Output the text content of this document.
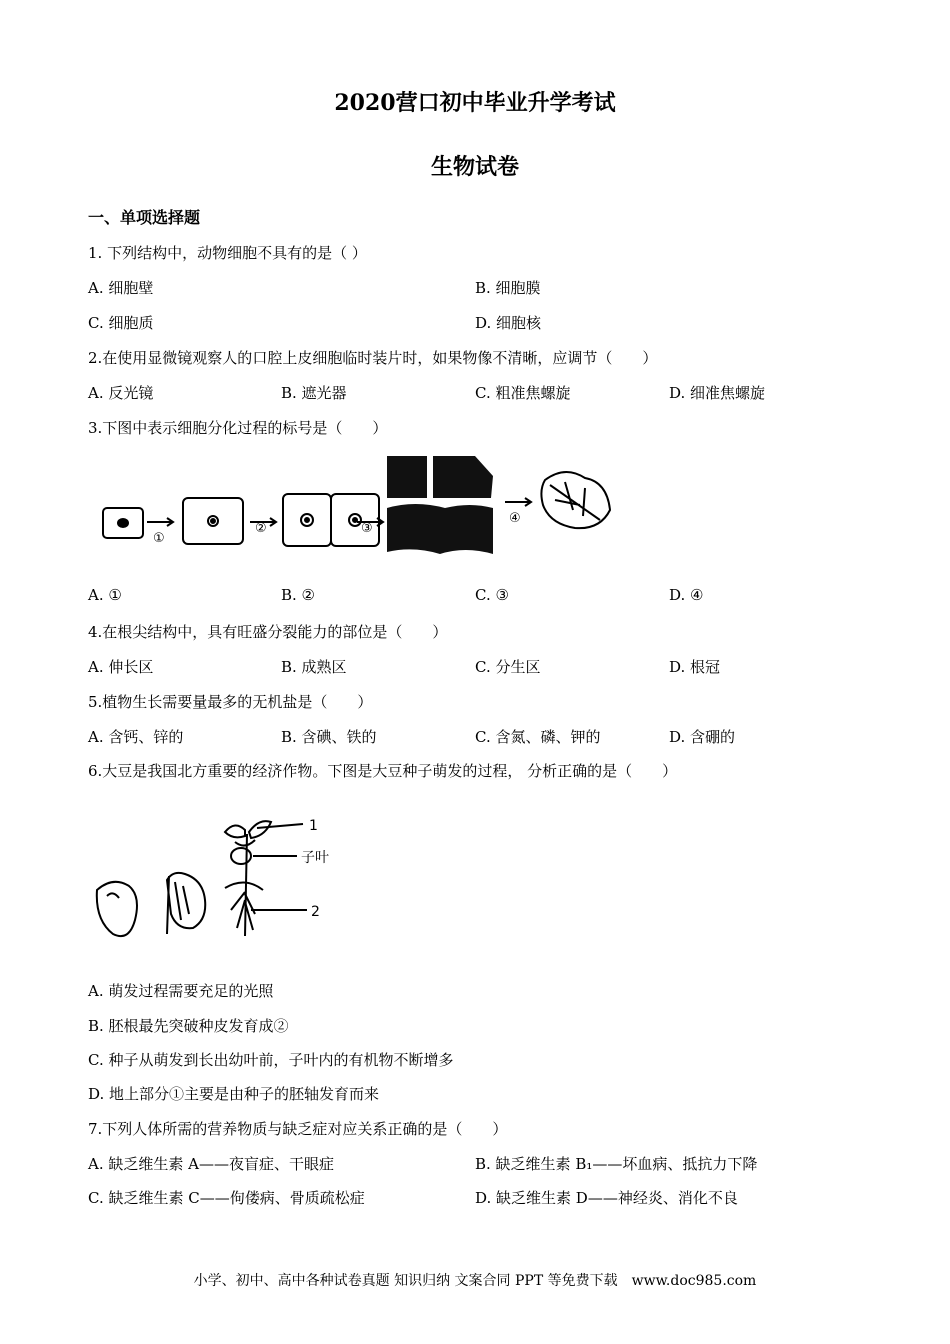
2020营口初中毕业升学考试
生物试卷
一、单项选择题
1. 下列结构中，动物细胞不具有的是（ ）
A. 细胞壁	B. 细胞膜
C. 细胞质	D. 细胞核
2.在使用显微镜观察人的口腔上皮细胞临时装片时，如果物像不清晰，应调节（　　）
A. 反光镜	B. 遮光器	C. 粗准焦螺旋	D. 细准焦螺旋
3.下图中表示细胞分化过程的标号是（　　）
①
②	③
④
A. ①	B. ②	C. ③	D. ④
4.在根尖结构中，具有旺盛分裂能力的部位是（　　）
A. 伸长区	B. 成熟区	C. 分生区	D. 根冠
5.植物生长需要量最多的无机盐是（　　）
A. 含钙、锌的	B. 含碘、铁的	C. 含氮、磷、钾的	D. 含硼的
6.大豆是我国北方重要的经济作物。下图是大豆种子萌发的过程， 分析正确的是（　　）
1
子叶
2
A. 萌发过程需要充足的光照
B. 胚根最先突破种皮发育成②
C. 种子从萌发到长出幼叶前，子叶内的有机物不断增多
D. 地上部分①主要是由种子的胚轴发育而来
7.下列人体所需的营养物质与缺乏症对应关系正确的是（　　）
A. 缺乏维生素 A——夜盲症、干眼症	B. 缺乏维生素 B₁——坏血病、抵抗力下降
C. 缺乏维生素 C——佝偻病、骨质疏松症	D. 缺乏维生素 D——神经炎、消化不良
小学、初中、高中各种试卷真题 知识归纳 文案合同 PPT 等免费下载　www.doc985.com
